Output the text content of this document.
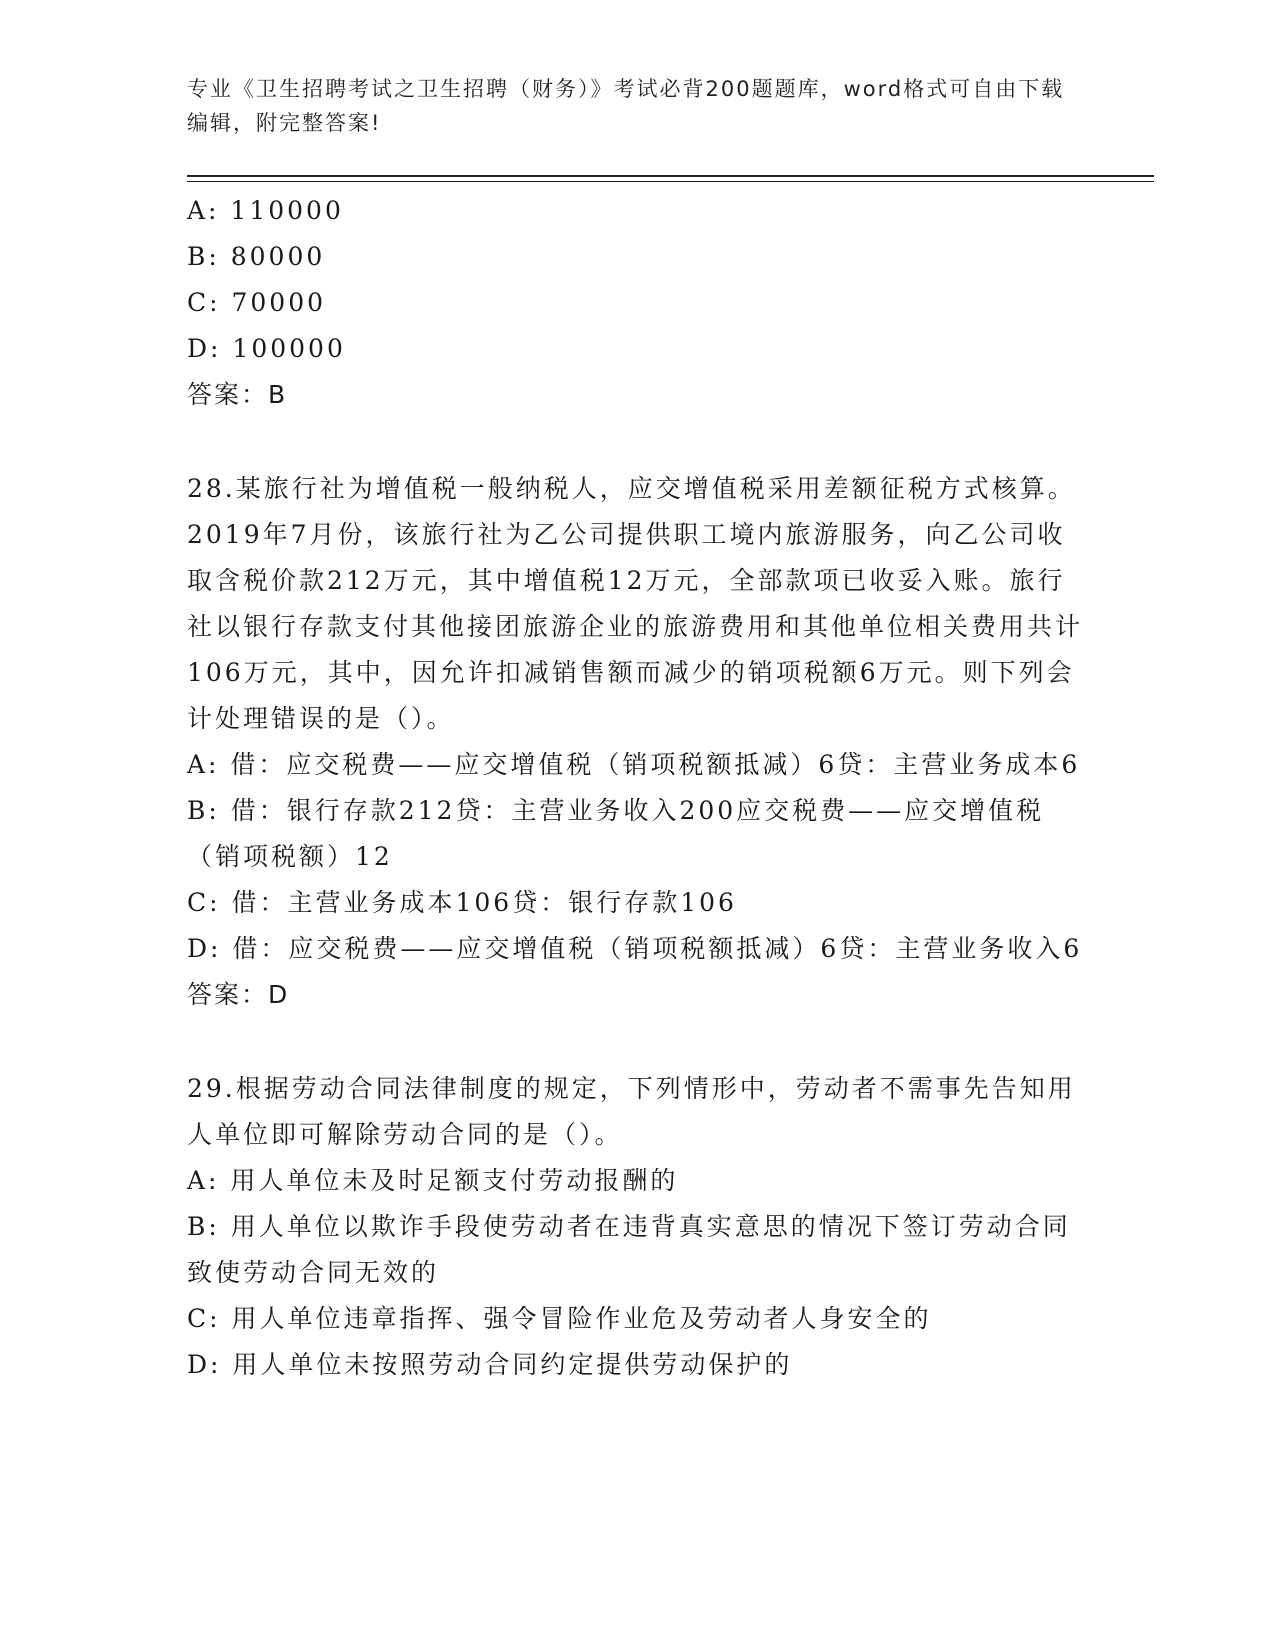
专业《卫生招聘考试之卫生招聘（财务）》考试必背200题题库，word格式可自由下载编辑，附完整答案!

A: 110000

B: 80000

C: 70000

D: 100000

答案：B

28.某旅行社为增值税一般纳税人，应交增值税采用差额征税方式核算。2019年7月份，该旅行社为乙公司提供职工境内旅游服务，向乙公司收取含税价款212万元，其中增值税12万元，全部款项已收妥入账。旅行社以银行存款支付其他接团旅游企业的旅游费用和其他单位相关费用共计106万元，其中，因允许扣减销售额而减少的销项税额6万元。则下列会计处理错误的是（）。

A: 借：应交税费——应交增值税（销项税额抵减）6贷：主营业务成本6

B: 借：银行存款212贷：主营业务收入200应交税费——应交增值税（销项税额）12

C: 借：主营业务成本106贷：银行存款106

D: 借：应交税费——应交增值税（销项税额抵减）6贷：主营业务收入6

答案：D

29.根据劳动合同法律制度的规定，下列情形中，劳动者不需事先告知用人单位即可解除劳动合同的是（）。

A: 用人单位未及时足额支付劳动报酬的

B: 用人单位以欺诈手段使劳动者在违背真实意思的情况下签订劳动合同致使劳动合同无效的

C: 用人单位违章指挥、强令冒险作业危及劳动者人身安全的

D: 用人单位未按照劳动合同约定提供劳动保护的
